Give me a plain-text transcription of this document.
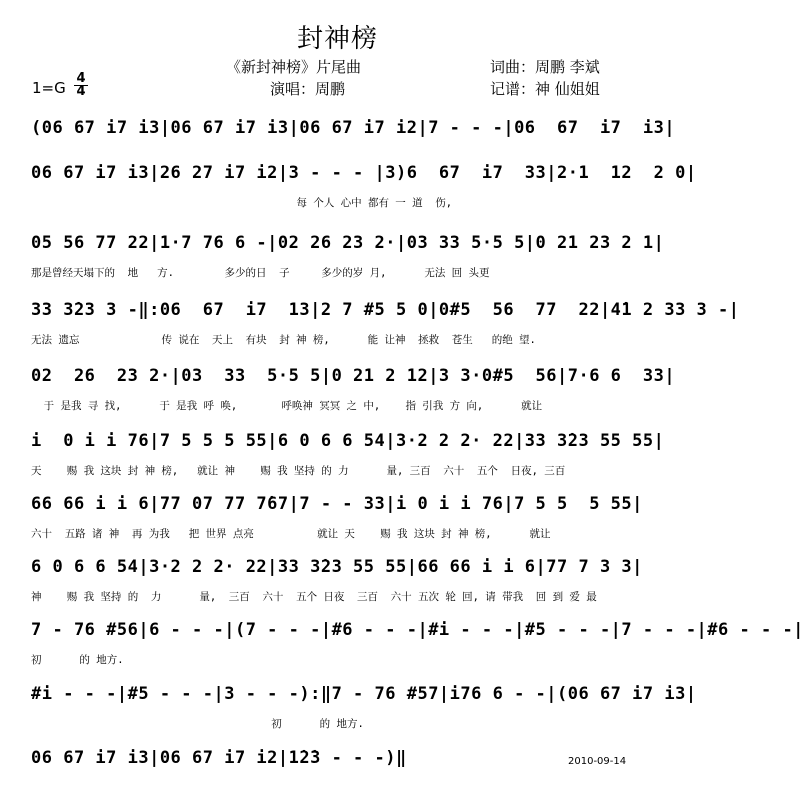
封神榜
《新封神榜》片尾曲	词曲：周鹏 李斌
演唱：周鹏	记谱：神 仙姐姐
1=G
4
4
(06 67 i7 i3|06 67 i7 i3|06 67 i7 i2|7 - - -|06  67  i7  i3|
06 67 i7 i3|26 27 i7 i2|3 - - - |3)6  67  i7  33|2·1  12  2 0|
每 个人 心中 都有 一 道  伤,
05 56 77 22|1·7 76 6 -|02 26 23 2·|03 33 5·5 5|0 21 23 2 1|
那是曾经天塌下的  地   方.        多少的日  子     多少的岁 月,      无法 回 头更
33 3̇23 3 -‖:06  67  i7  13|2 7 #5 5 0|0#5  56  77  22|4̇1 2 33 3 -|
无法 遗忘             传 说在  天上  有块  封 神 榜,      能 让神  拯救  苍生   的绝 望.
02  26  23 2·|03  33  5·5 5|0 21 2 12|3 3·0#5  56|7·6 6  33|
于 是我 寻 找,      于 是我 呼 唤,       呼唤神 冥冥 之 中,    指 引我 方 向,      就让
i  0 i i 76|7 5 5 5 55|6 0 6 6 54|3·2 2 2· 22|33 3̇23 55 55|
天    赐 我 这块 封 神 榜,   就让 神    赐 我 坚持 的 力      量, 三百  六十  五个  日夜, 三百
66 66 i i 6|77 07 77 7̇67|7 - - 33|i 0 i i 76|7 5 5  5 55|
六十  五路 诸 神  再 为我   把 世界 点亮          就让 天    赐 我 这块 封 神 榜,      就让
6 0 6 6 54|3·2 2 2· 22|33 3̇23 55 55|66 66 i i 6|77 7 3 3|
神    赐 我 坚持 的  力      量,  三百  六十  五个 日夜  三百  六十 五次 轮 回, 请 带我  回 到 爱 最
7 - 76 #56|6 - - -|(7 - - -|#6 - - -|#i - - -|#5 - - -|7 - - -|#6 - - -|
初      的 地方.
#i - - -|#5 - - -|3 - - -):‖7 - 76 #57|i76 6 - -|(06 67 i7 i3|
初      的 地方.
06 67 i7 i3|06 67 i7 i2|1̇2̇3 - - -)‖	2010-09-14
